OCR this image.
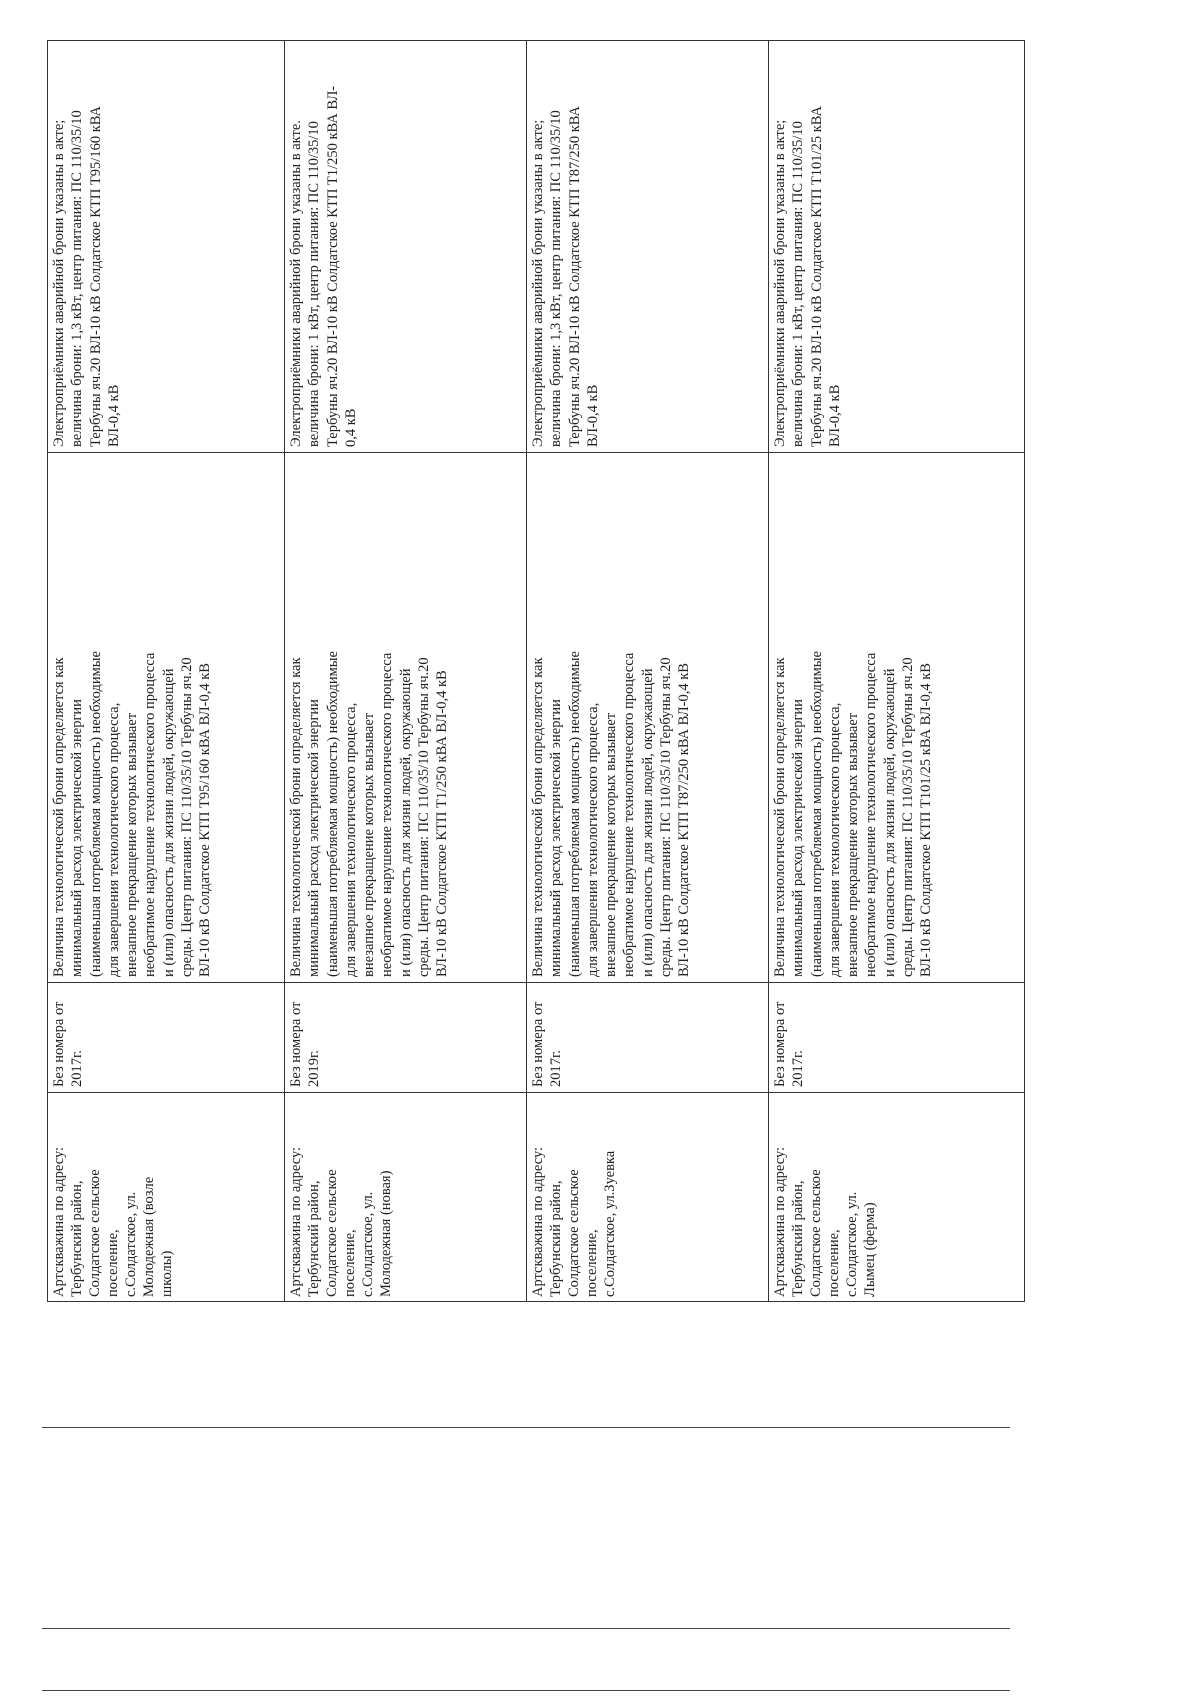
Артскважина по адресу: Тербунский район, Солдатское сельское поселение, с.Солдатское, ул. Молодежная (возле школы)
Без номера от 2017г.
Величина технологической брони определяется как минимальный расход электрической энергии (наименьшая потребляемая мощность) необходимые для завершения технологического процесса, внезапное прекращение которых вызывает необратимое нарушение технологического процесса и (или) опасность для жизни людей, окружающей среды. Центр питания: ПС 110/35/10 Тербуны яч.20 ВЛ-10 кВ Солдатское КТП Т95/160 кВА ВЛ-0,4 кВ
Электроприёмники аварийной брони указаны в акте; величина брони: 1,3 кВт, центр питания: ПС 110/35/10 Тербуны яч.20 ВЛ-10 кВ Солдатское КТП Т95/160 кВА ВЛ-0,4 кВ
Артскважина по адресу: Тербунский район, Солдатское сельское поселение, с.Солдатское, ул. Молодежная (новая)
Без номера от 2019г.
Величина технологической брони определяется как минимальный расход электрической энергии (наименьшая потребляемая мощность) необходимые для завершения технологического процесса, внезапное прекращение которых вызывает необратимое нарушение технологического процесса и (или) опасность для жизни людей, окружающей среды. Центр питания: ПС 110/35/10 Тербуны яч.20 ВЛ-10 кВ Солдатское КТП Т1/250 кВА ВЛ-0,4 кВ
Электроприёмники аварийной брони указаны в акте. величина брони: 1 кВт, центр питания: ПС 110/35/10 Тербуны яч.20 ВЛ-10 кВ Солдатское КТП Т1/250 кВА ВЛ- 0,4 кВ
Артскважина по адресу: Тербунский район, Солдатское сельское поселение, с.Солдатское, ул.Зуевка
Без номера от 2017г.
Величина технологической брони определяется как минимальный расход электрической энергии (наименьшая потребляемая мощность) необходимые для завершения технологического процесса, внезапное прекращение которых вызывает необратимое нарушение технологического процесса и (или) опасность для жизни людей, окружающей среды. Центр питания: ПС 110/35/10 Тербуны яч.20 ВЛ-10 кВ Солдатское КТП Т87/250 кВА ВЛ-0,4 кВ
Электроприёмники аварийной брони указаны в акте; величина брони: 1,3 кВт, центр питания: ПС 110/35/10 Тербуны яч.20 ВЛ-10 кВ Солдатское КТП Т87/250 кВА ВЛ-0,4 кВ
Артскважина по адресу: Тербунский район, Солдатское сельское поселение, с.Солдатское, ул. Лымец (ферма)
Без номера от 2017г.
Величина технологической брони определяется как минимальный расход электрической энергии (наименьшая потребляемая мощность) необходимые для завершения технологического процесса, внезапное прекращение которых вызывает необратимое нарушение технологического процесса и (или) опасность для жизни людей, окружающей среды. Центр питания: ПС 110/35/10 Тербуны яч.20 ВЛ-10 кВ Солдатское КТП Т101/25 кВА ВЛ-0,4 кВ
Электроприёмники аварийной брони указаны в акте; величина брони: 1 кВт, центр питания: ПС 110/35/10 Тербуны яч.20 ВЛ-10 кВ Солдатское КТП Т101/25 кВА ВЛ-0,4 кВ
